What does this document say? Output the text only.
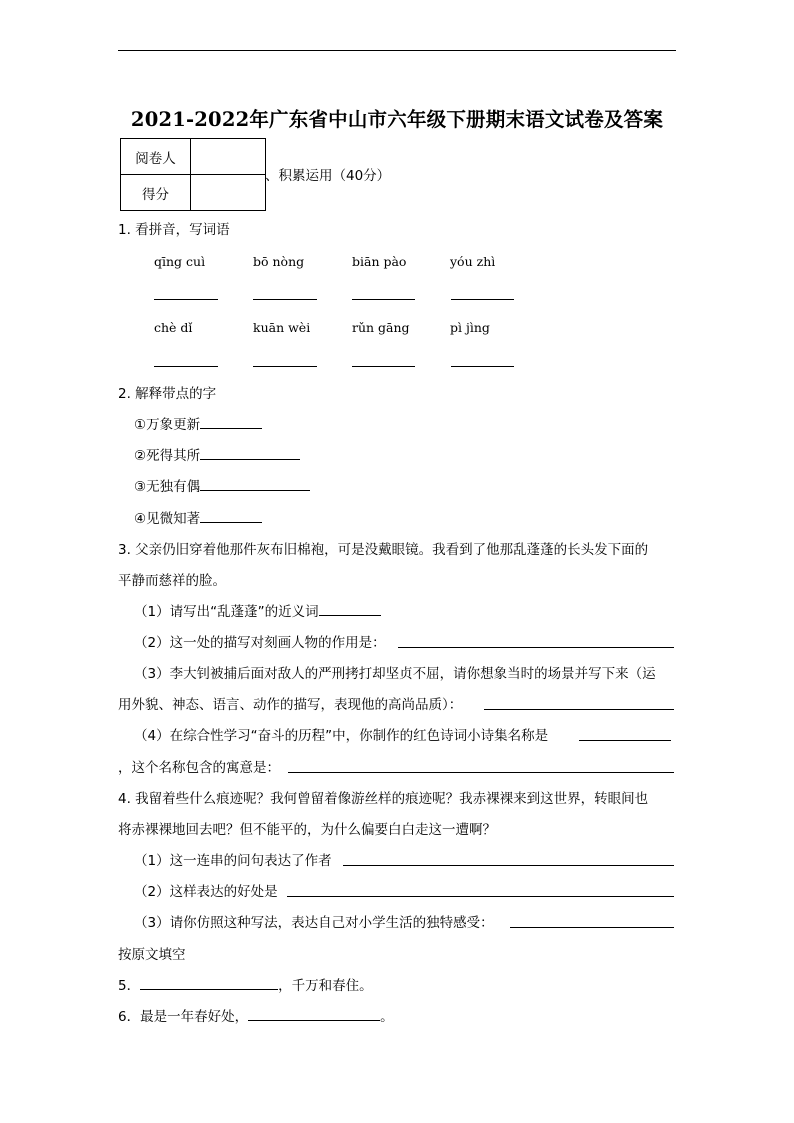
2021-2022年广东省中山市六年级下册期末语文试卷及答案
阅卷人	
得分	
、积累运用（40分）
1. 看拼音，写词语
qīng cuì	bō nòng	biān pào	yóu zhì
chè dǐ	kuān wèi	rǔn gāng	pì jìng
2. 解释带点的字
①万象更新
②死得其所
③无独有偶
④见微知著
3. 父亲仍旧穿着他那件灰布旧棉袍，可是没戴眼镜。我看到了他那乱蓬蓬的长头发下面的
平静而慈祥的脸。
（1）请写出“乱蓬蓬”的近义词
（2）这一处的描写对刻画人物的作用是：
（3）李大钊被捕后面对敌人的严刑拷打却坚贞不屈，请你想象当时的场景并写下来（运
用外貌、神态、语言、动作的描写，表现他的高尚品质）：
（4）在综合性学习“奋斗的历程”中，你制作的红色诗词小诗集名称是
，这个名称包含的寓意是：
4. 我留着些什么痕迹呢？我何曾留着像游丝样的痕迹呢？我赤裸裸来到这世界，转眼间也
将赤裸裸地回去吧？但不能平的，为什么偏要白白走这一遭啊？
（1）这一连串的问句表达了作者
（2）这样表达的好处是
（3）请你仿照这种写法，表达自己对小学生活的独特感受：
按原文填空
5．	，千万和春住。
6．最是一年春好处，	。
